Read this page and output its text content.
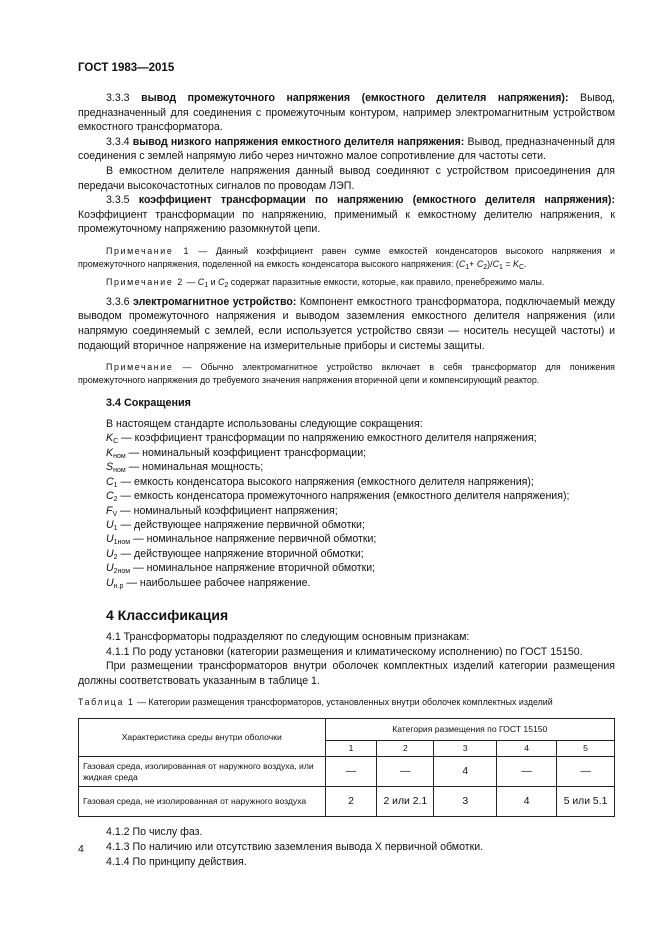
ГОСТ 1983—2015

3.3.3 вывод промежуточного напряжения (емкостного делителя напряжения): Вывод, предназначенный для соединения с промежуточным контуром, например электромагнитным устройством емкостного трансформатора.

3.3.4 вывод низкого напряжения емкостного делителя напряжения: Вывод, предназначенный для соединения с землей напрямую либо через ничтожно малое сопротивление для частоты сети.

В емкостном делителе напряжения данный вывод соединяют с устройством присоединения для передачи высокочастотных сигналов по проводам ЛЭП.

3.3.5 коэффициент трансформации по напряжению (емкостного делителя напряжения): Коэффициент трансформации по напряжению, применимый к емкостному делителю напряжения, к промежуточному напряжению разомкнутой цепи.

Примечание 1 — Данный коэффициент равен сумме емкостей конденсаторов высокого напряжения и промежуточного напряжения, поделенной на емкость конденсатора высокого напряжения: $(C_1+ C_2)/C_1 = K_C$.

Примечание 2 — $C_1$ и $C_2$ содержат паразитные емкости, которые, как правило, пренебрежимо малы.

3.3.6 электромагнитное устройство: Компонент емкостного трансформатора, подключаемый между выводом промежуточного напряжения и выводом заземления емкостного делителя напряжения (или напрямую соединяемый с землей, если используется устройство связи — носитель несущей частоты) и подающий вторичное напряжение на измерительные приборы и системы защиты.

Примечание — Обычно электромагнитное устройство включает в себя трансформатор для понижения промежуточного напряжения до требуемого значения напряжения вторичной цепи и компенсирующий реактор.

3.4 Сокращения

В настоящем стандарте использованы следующие сокращения:

$K_C$ — коэффициент трансформации по напряжению емкостного делителя напряжения;

$K_{ном}$ — номинальный коэффициент трансформации;

$S_{ном}$ — номинальная мощность;

$C_1$ — емкость конденсатора высокого напряжения (емкостного делителя напряжения);

$C_2$ — емкость конденсатора промежуточного напряжения (емкостного делителя напряжения);

$F_V$ — номинальный коэффициент напряжения;

$U_1$ — действующее напряжение первичной обмотки;

$U_{1ном}$ — номинальное напряжение первичной обмотки;

$U_2$ — действующее напряжение вторичной обмотки;

$U_{2ном}$ — номинальное напряжение вторичной обмотки;

$U_{н.р}$ — наибольшее рабочее напряжение.

4 Классификация

4.1 Трансформаторы подразделяют по следующим основным признакам:

4.1.1 По роду установки (категории размещения и климатическому исполнению) по ГОСТ 15150.

При размещении трансформаторов внутри оболочек комплектных изделий категории размещения должны соответствовать указанным в таблице 1.

Таблица 1 — Категории размещения трансформаторов, установленных внутри оболочек комплектных изделий

Характеристика среды внутри оболочки	Категория размещения по ГОСТ 15150				
	1	2	3	4	5
Газовая среда, изолированная от наружного воздуха, или жидкая среда	—	—	4	—	—
Газовая среда, не изолированная от наружного воздуха	2	2 или 2.1	3	4	5 или 5.1

4.1.2 По числу фаз.

4.1.3 По наличию или отсутствию заземления вывода X первичной обмотки.

4.1.4 По принципу действия.

4
